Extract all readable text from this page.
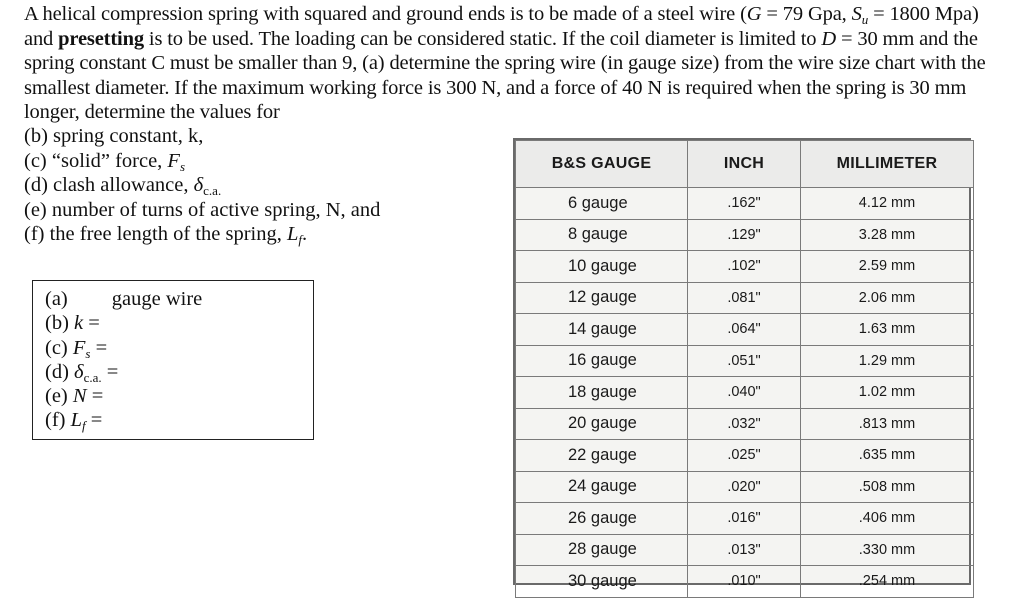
A helical compression spring with squared and ground ends is to be made of a steel wire (G = 79 Gpa, $S_u = 1800$ Mpa) and presetting is to be used. The loading can be considered static. If the coil diameter is limited to D = 30 mm and the spring constant C must be smaller than 9, (a) determine the spring wire (in gauge size) from the wire size chart with the smallest diameter. If the maximum working force is 300 N, and a force of 40 N is required when the spring is 30 mm longer, determine the values for

(b) spring constant, k,
(c) “solid” force, $F_s$
(d) clash allowance, $\delta_{c.a.}$
(e) number of turns of active spring, N, and
(f) the free length of the spring, $L_f$.
(a) gauge wire
(b) k =
(c) $F_s$ =
(d) $\delta_{c.a.}$ =
(e) N =
(f) $L_f$ =
B&S GAUGE	INCH	MILLIMETER
6 gauge	.162"	4.12 mm
8 gauge	.129"	3.28 mm
10 gauge	.102"	2.59 mm
12 gauge	.081"	2.06 mm
14 gauge	.064"	1.63 mm
16 gauge	.051"	1.29 mm
18 gauge	.040"	1.02 mm
20 gauge	.032"	.813 mm
22 gauge	.025"	.635 mm
24 gauge	.020"	.508 mm
26 gauge	.016"	.406 mm
28 gauge	.013"	.330 mm
30 gauge	.010"	.254 mm
